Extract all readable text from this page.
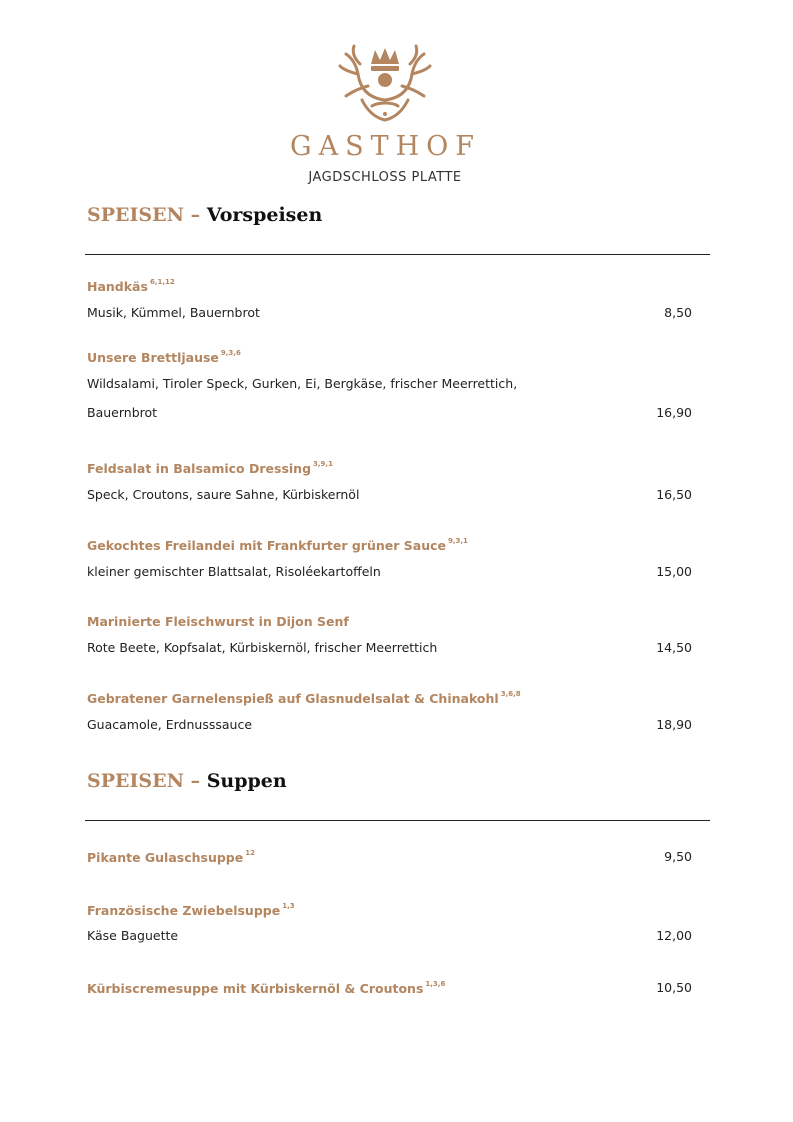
GASTHOF
JAGDSCHLOSS PLATTE
SPEISEN – Vorspeisen
Handkäs $^{6,1,12}$
Musik, Kümmel, Bauernbrot	8,50
Unsere Brettljause $^{9,3,6}$
Wildsalami, Tiroler Speck, Gurken, Ei, Bergkäse, frischer Meerrettich,
Bauernbrot	16,90
Feldsalat in Balsamico Dressing $^{3,9,1}$
Speck, Croutons, saure Sahne, Kürbiskernöl	16,50
Gekochtes Freilandei mit Frankfurter grüner Sauce $^{9,3,1}$
kleiner gemischter Blattsalat, Risoléekartoffeln	15,00
Marinierte Fleischwurst in Dijon Senf
Rote Beete, Kopfsalat, Kürbiskernöl, frischer Meerrettich	14,50
Gebratener Garnelenspieß auf Glasnudelsalat & Chinakohl $^{3,6,8}$
Guacamole, Erdnusssauce	18,90
SPEISEN – Suppen
Pikante Gulaschsuppe $^{12}$	9,50
Französische Zwiebelsuppe $^{1,3}$
Käse Baguette	12,00
Kürbiscremesuppe mit Kürbiskernöl & Croutons $^{1,3,6}$	10,50
